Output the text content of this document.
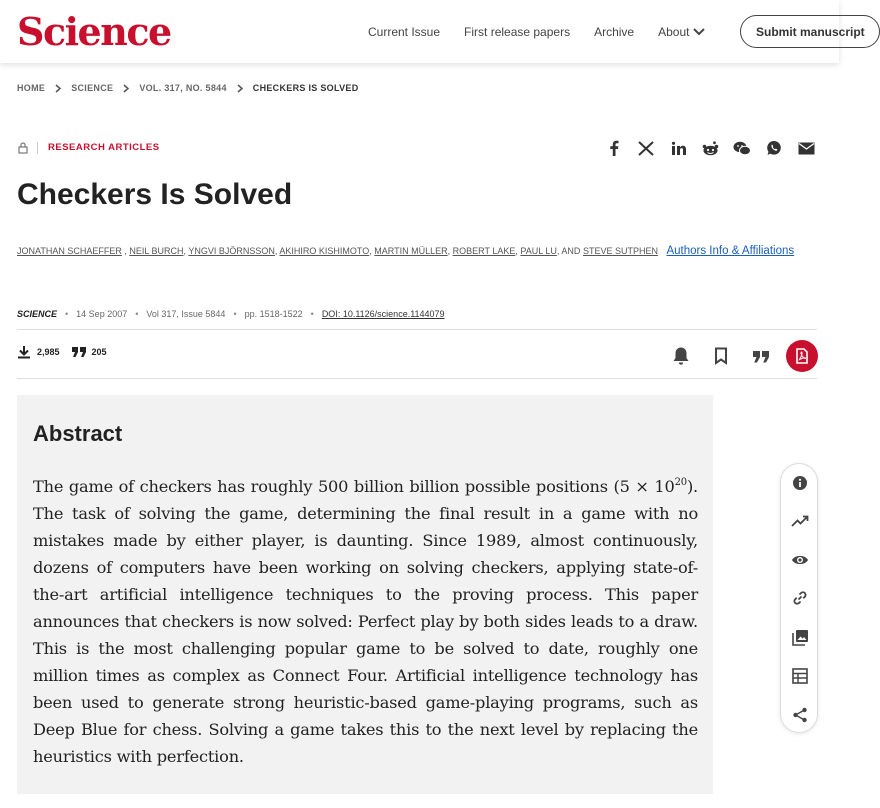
Science	Current Issue First release papers Archive About	Submit manuscript
HOME	SCIENCE	VOL. 317, NO. 5844	CHECKERS IS SOLVED
RESEARCH ARTICLES
Checkers Is Solved
JONATHAN SCHAEFFER , NEIL BURCH, YNGVI BJÖRNSSON, AKIHIRO KISHIMOTO, MARTIN MÜLLER, ROBERT LAKE, PAUL LU, AND STEVE SUTPHEN Authors Info & Affiliations
SCIENCE • 14 Sep 2007 • Vol 317, Issue 5844 • pp. 1518-1522 • DOI: 10.1126/science.1144079
2,985	205
Abstract

The game of checkers has roughly 500 billion billion possible positions $(5 \times 10^{20})$. The task of solving the game, determining the final result in a game with no mistakes made by either player, is daunting. Since 1989, almost continuously, dozens of computers have been working on solving checkers, applying state-of-the-art artificial intelligence techniques to the proving process. This paper announces that checkers is now solved: Perfect play by both sides leads to a draw. This is the most challenging popular game to be solved to date, roughly one million times as complex as Connect Four. Artificial intelligence technology has been used to generate strong heuristic-based game-playing programs, such as Deep Blue for chess. Solving a game takes this to the next level by replacing the heuristics with perfection.
